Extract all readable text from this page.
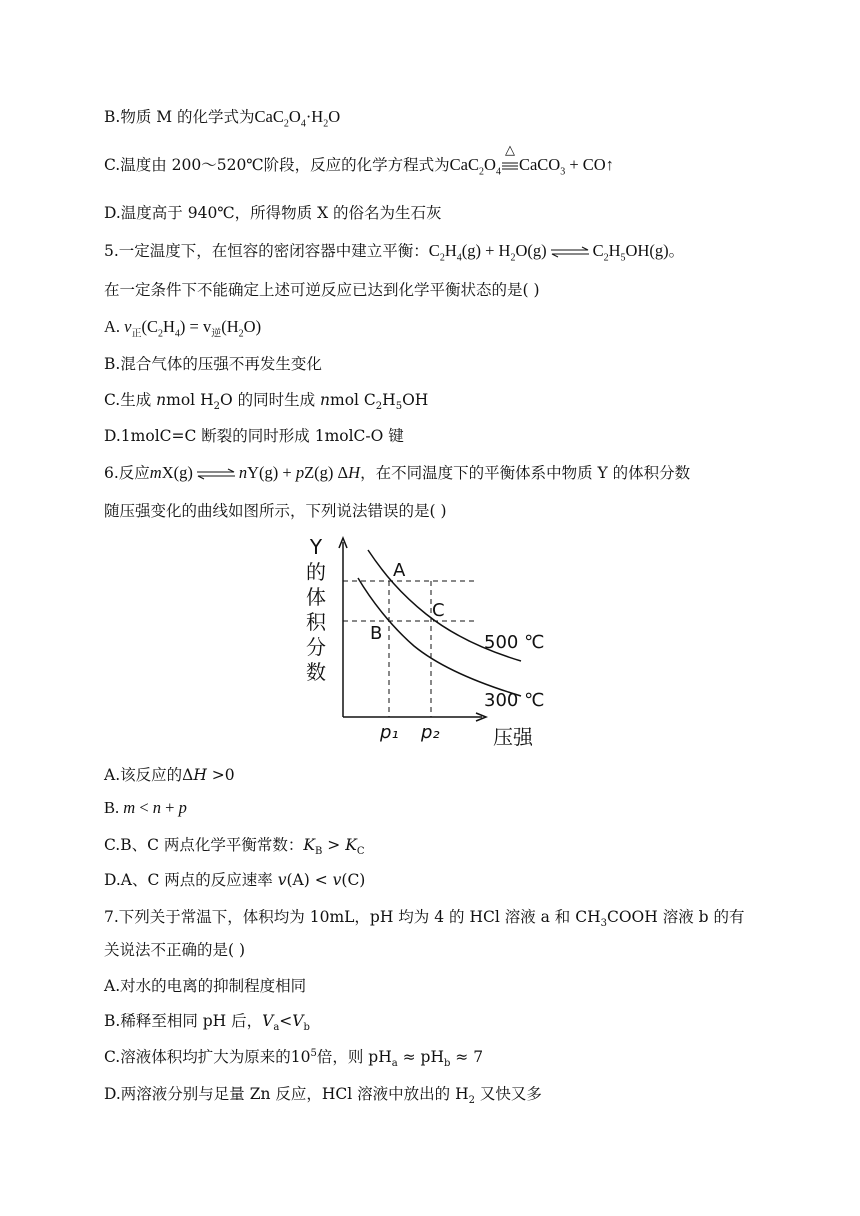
B.物质 M 的化学式为$CaC_2O_4\cdot H_2O$
C.温度由 200～520℃阶段，反应的化学方程式为$CaC_2O_4$
△
CaCO$_3$ + CO↑
D.温度高于 940℃，所得物质 X 的俗名为生石灰
5.一定温度下，在恒容的密闭容器中建立平衡：$C_2H_4(g) + H_2O(g)$ ⇌ $C_2H_5OH(g)$。
在一定条件下不能确定上述可逆反应已达到化学平衡状态的是( )
A. $v_正(C_2H_4) = v_逆(H_2O)$
B.混合气体的压强不再发生变化
C.生成 nmol $H_2O$ 的同时生成 nmol $C_2H_5OH$
D.1molC=C 断裂的同时形成 1molC-O 键
6.反应mX(g) ⇌ nY(g) + pZ(g) ΔH，在不同温度下的平衡体系中物质 Y 的体积分数
随压强变化的曲线如图所示，下列说法错误的是( )
Y
的
体
积
分
数
A
B
C
500 ℃
300 ℃
p₁ p₂	压强
A.该反应的ΔH >0
B. m < n + p
C.B、C 两点化学平衡常数：$K_B > K_C$
D.A、C 两点的反应速率 v(A) < v(C)
7.下列关于常温下，体积均为 10mL，pH 均为 4 的 HCl 溶液 a 和 $CH_3COOH$ 溶液 b 的有
关说法不正确的是( )
A.对水的电离的抑制程度相同
B.稀释至相同 pH 后，$V_a<V_b$
C.溶液体积均扩大为原来的$10^5$倍，则 $pH_a \approx pH_b \approx 7$
D.两溶液分别与足量 Zn 反应，HCl 溶液中放出的 $H_2$ 又快又多
